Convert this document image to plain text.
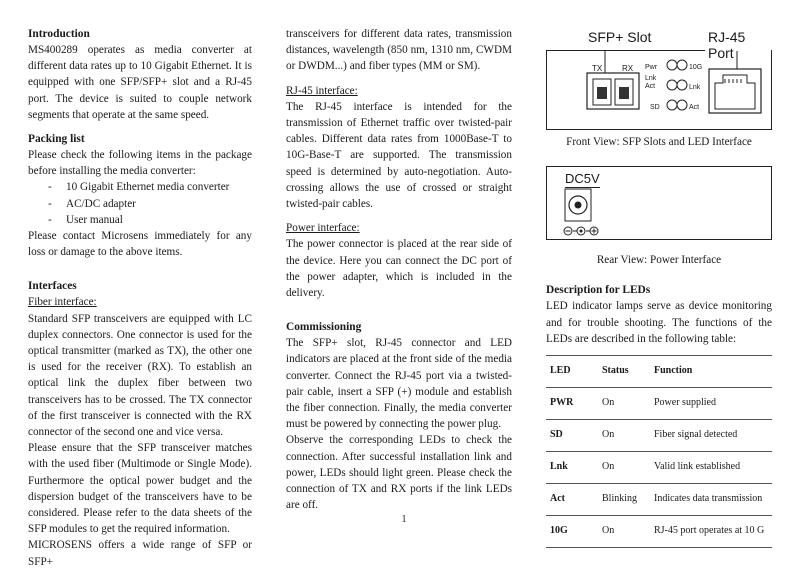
Introduction

MS400289 operates as media converter at different data rates up to 10 Gigabit Ethernet. It is equipped with one SFP/SFP+ slot and a RJ-45 port. The device is suited to couple network segments that operate at the same speed.

Packing list

Please check the following items in the package before installing the media converter:

- 10 Gigabit Ethernet media converter
- AC/DC adapter
- User manual

Please contact Microsens immediately for any loss or damage to the above items.

Interfaces

Fiber interface:

Standard SFP transceivers are equipped with LC duplex connectors. One connector is used for the optical transmitter (marked as TX), the other one is used for the receiver (RX). To establish an optical link the duplex fiber between two transceivers has to be crossed. The TX connector of the first transceiver is connected with the RX connector of the second one and vice versa.

Please ensure that the SFP transceiver matches with the used fiber (Multimode or Single Mode). Furthermore the optical power budget and the dispersion budget of the transceivers have to be considered. Please refer to the data sheets of the SFP modules to get the required information.

MICROSENS offers a wide range of SFP or SFP+

transceivers for different data rates, transmission distances, wavelength (850 nm, 1310 nm, CWDM or DWDM...) and fiber types (MM or SM).

RJ-45 interface:

The RJ-45 interface is intended for the transmission of Ethernet traffic over twisted-pair cables. Different data rates from 1000Base-T to 10G-Base-T are supported. The transmission speed is determined by auto-negotiation. Auto-crossing allows the use of crossed or straight twisted-pair cables.

Power interface:

The power connector is placed at the rear side of the device. Here you can connect the DC port of the power adapter, which is included in the delivery.

Commissioning

The SFP+ slot, RJ-45 connector and LED indicators are placed at the front side of the media converter. Connect the RJ-45 port via a twisted-pair cable, insert a SFP (+) module and establish the fiber connection. Finally, the media converter must be powered by connecting the power plug.

Observe the corresponding LEDs to check the connection. After successful installation link and power, LEDs should light green. Please check the connection of TX and RX ports if the link LEDs are off.

SFP+ Slot	RJ-45 Port
TX RX Pwr	10G
Lnk Act	Lnk
SD	Act
Front View: SFP Slots and LED Interface
DC5V
Rear View: Power Interface
Description for LEDs

LED indicator lamps serve as device monitoring and for trouble shooting. The functions of the LEDs are described in the following table:

LED	Status	Function
PWR	On	Power supplied
SD	On	Fiber signal detected
Lnk	On	Valid link established
Act	Blinking	Indicates data transmission
10G	On	RJ-45 port operates at 10 G
1
